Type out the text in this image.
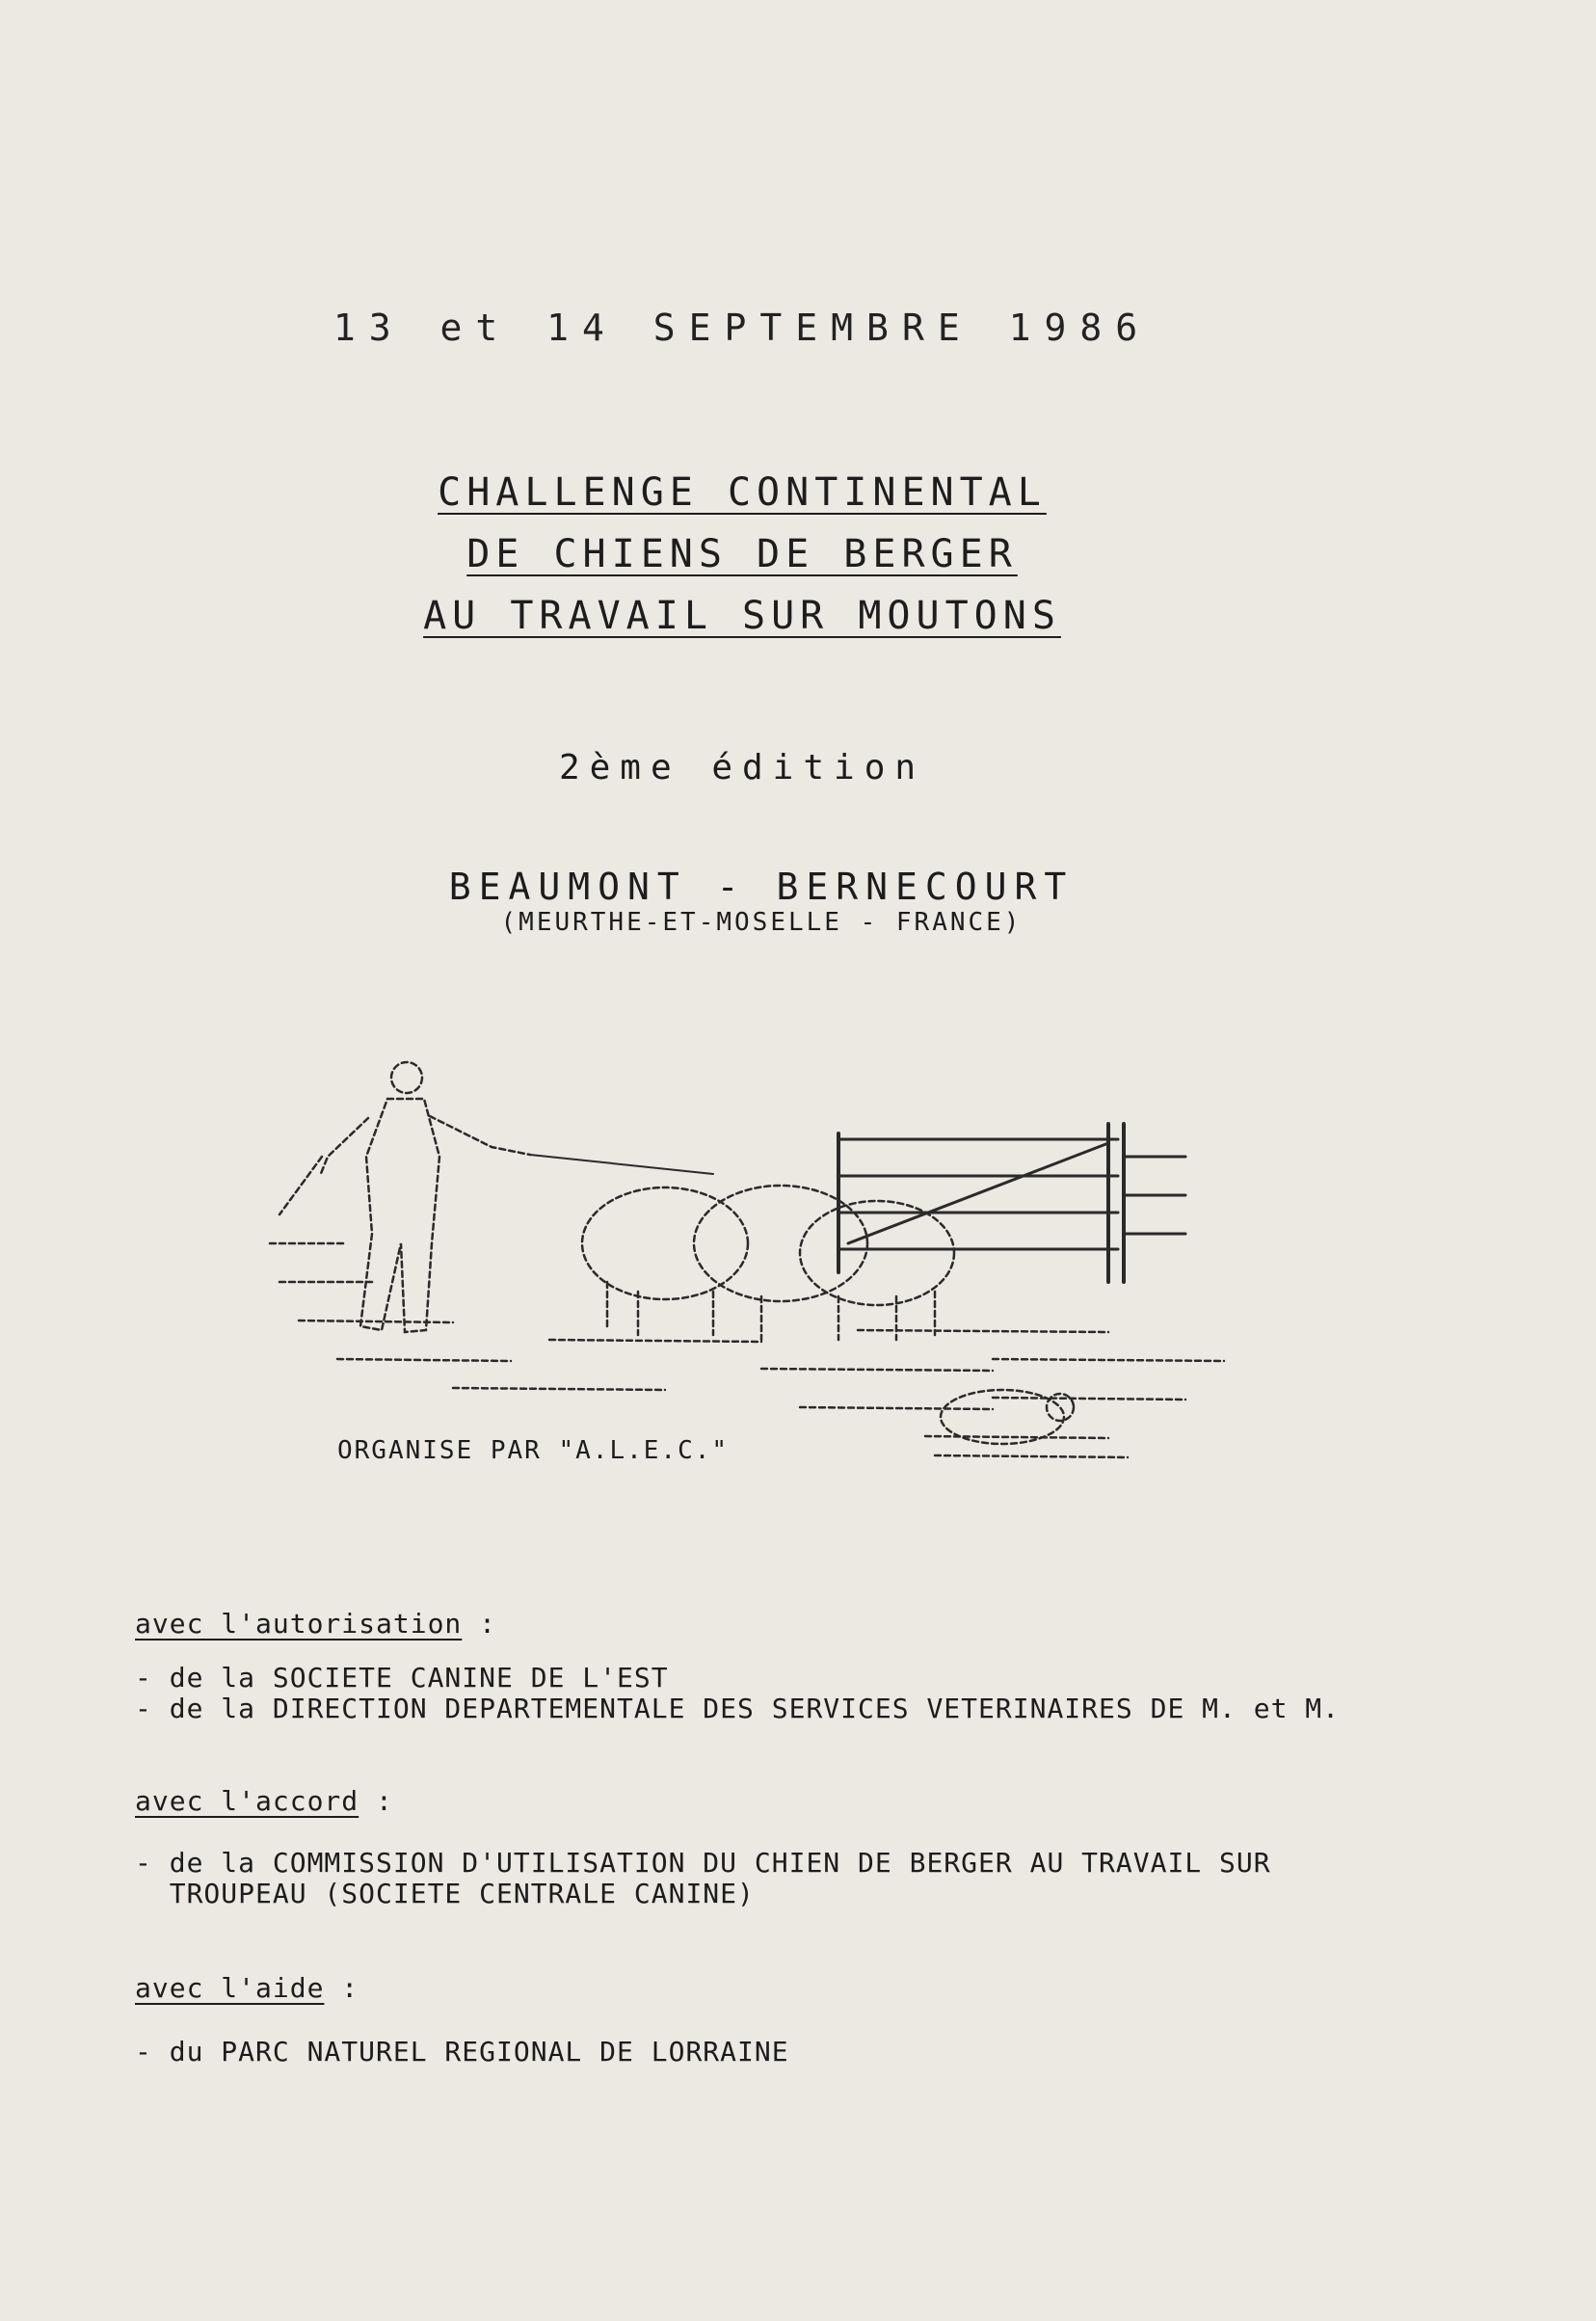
13 et 14 SEPTEMBRE 1986
CHALLENGE CONTINENTAL
DE CHIENS DE BERGER
AU TRAVAIL SUR MOUTONS
2ème édition
BEAUMONT - BERNECOURT
(MEURTHE-ET-MOSELLE - FRANCE)
ORGANISE PAR "A.L.E.C."
avec l'autorisation :
- de la SOCIETE CANINE DE L'EST
- de la DIRECTION DEPARTEMENTALE DES SERVICES VETERINAIRES DE M. et M.
avec l'accord :
- de la COMMISSION D'UTILISATION DU CHIEN DE BERGER AU TRAVAIL SUR
TROUPEAU (SOCIETE CENTRALE CANINE)
avec l'aide :
- du PARC NATUREL REGIONAL DE LORRAINE
